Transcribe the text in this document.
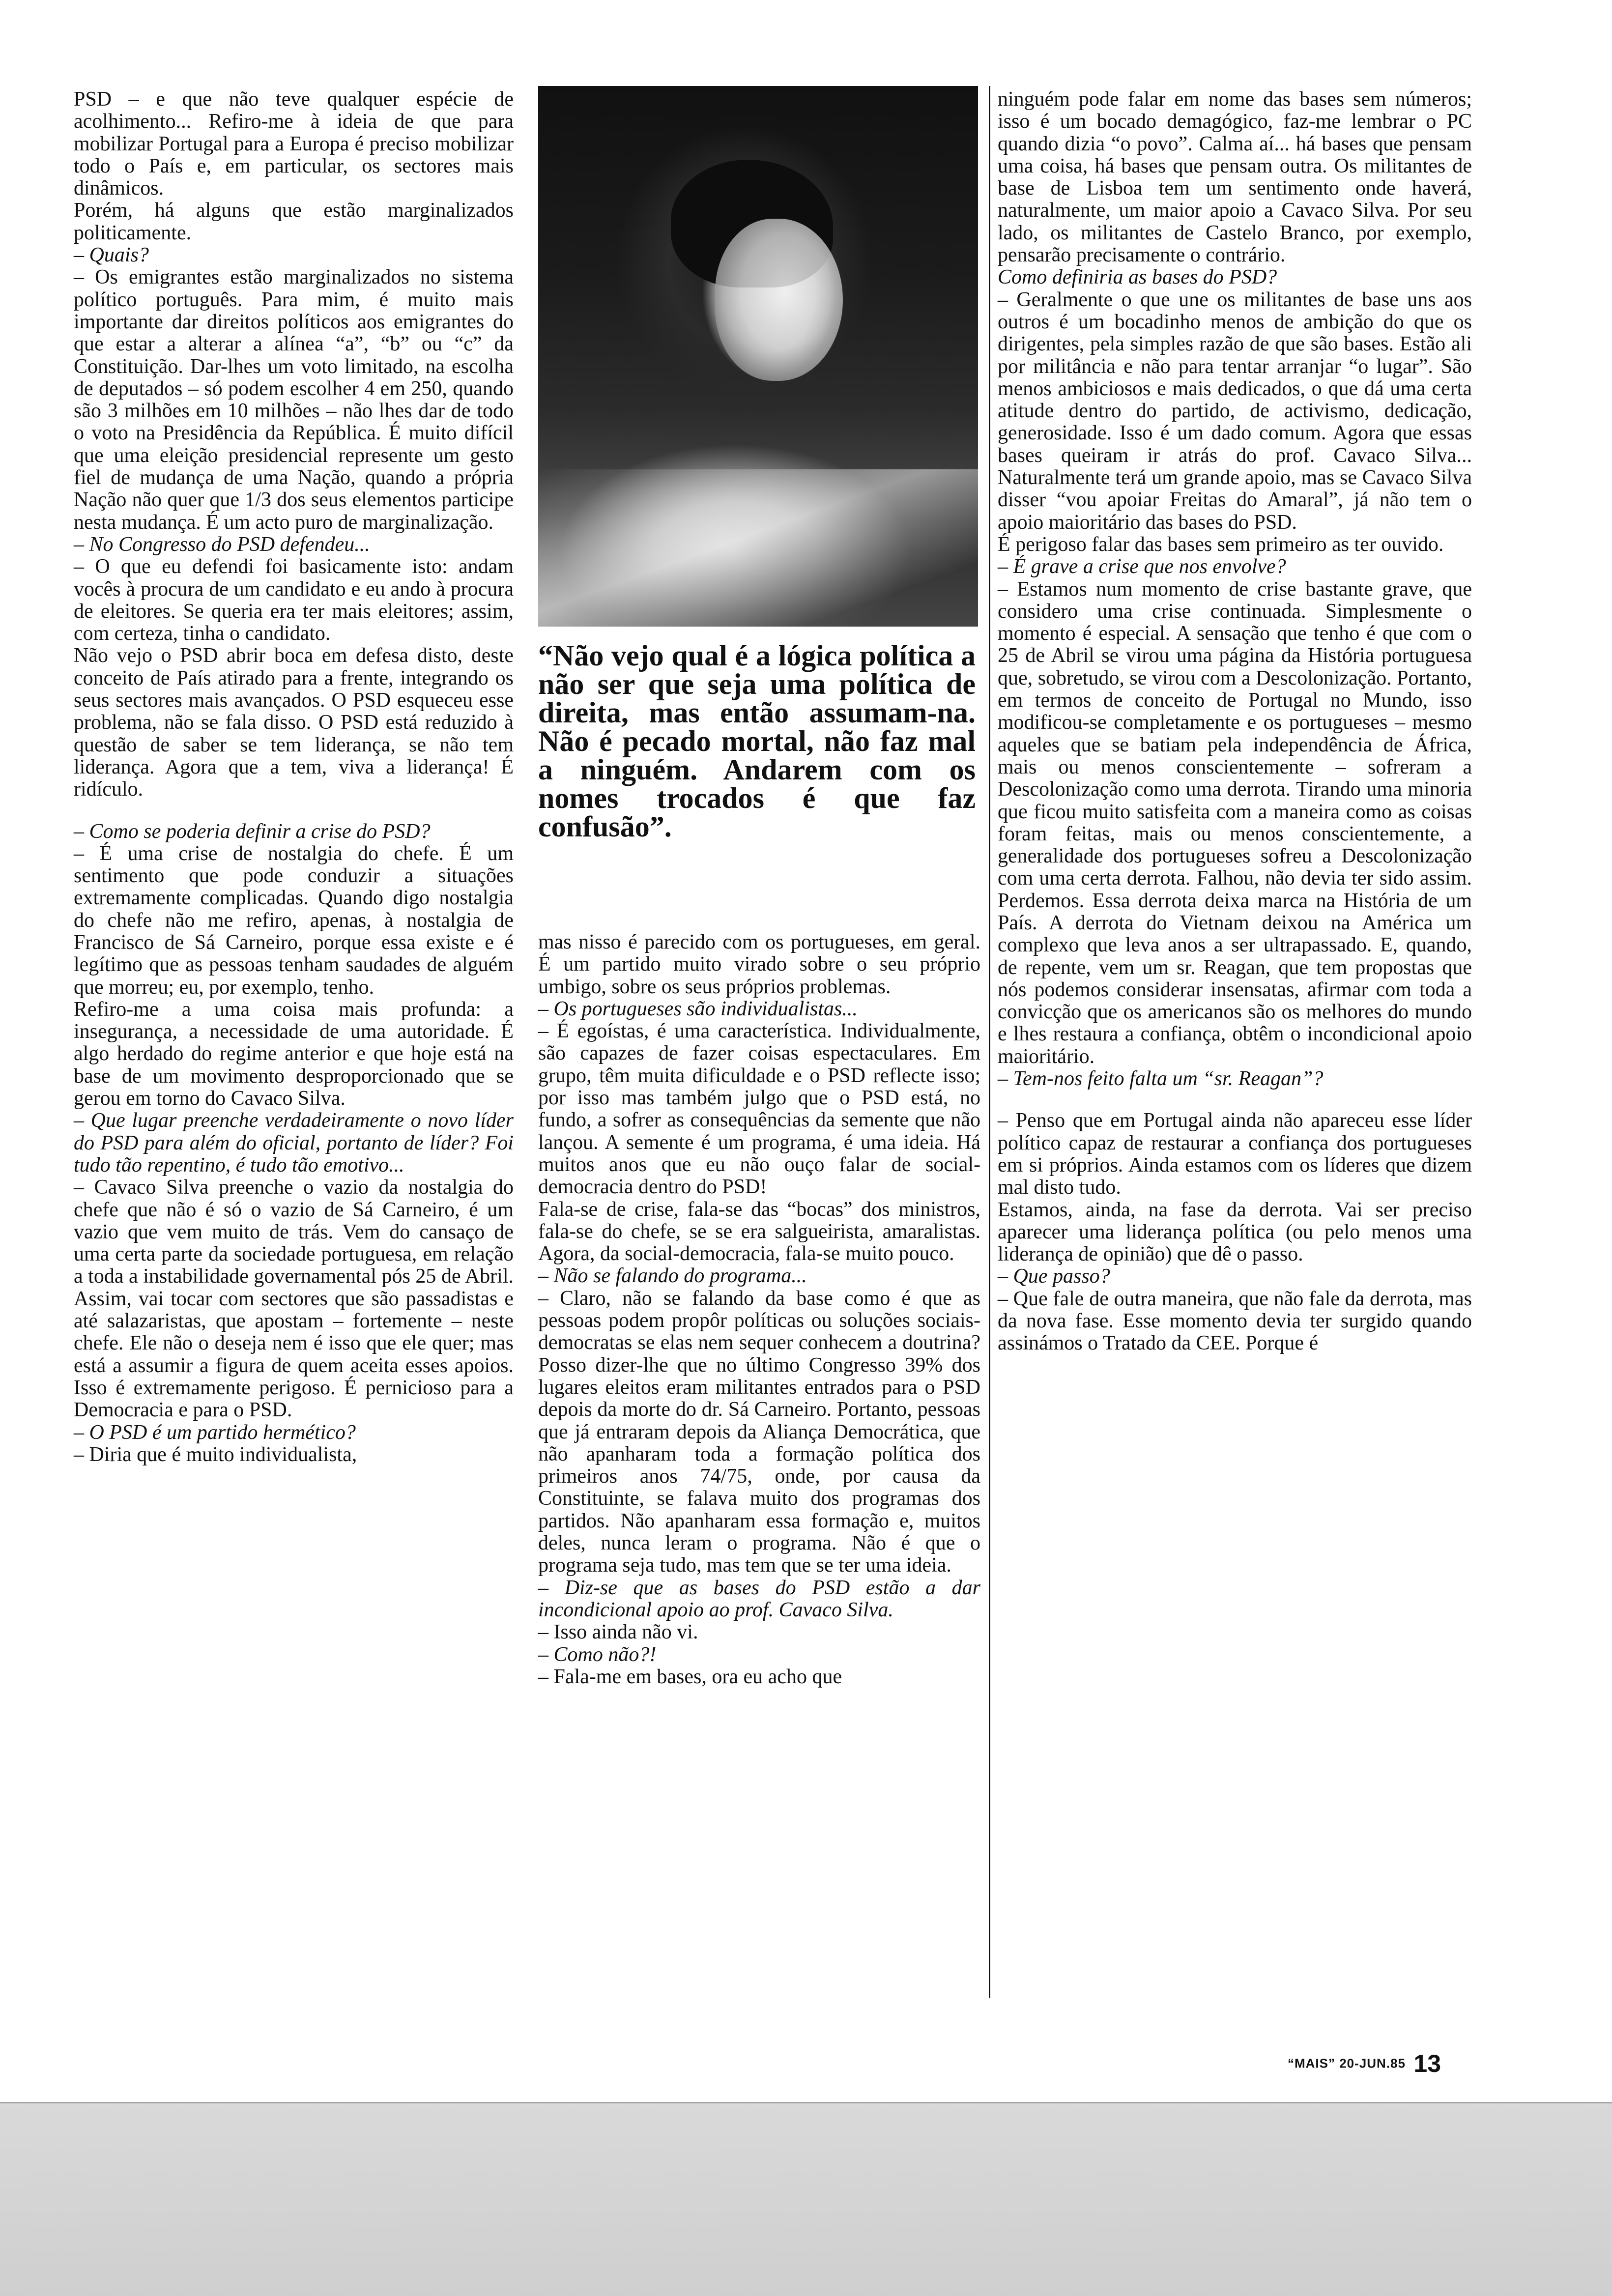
PSD – e que não teve qualquer espécie de acolhimento... Refiro-me à ideia de que para mobilizar Portugal para a Europa é preciso mobilizar todo o País e, em particular, os sectores mais dinâmicos.

Porém, há alguns que estão marginalizados politicamente.

– Quais?

– Os emigrantes estão marginalizados no sistema político português. Para mim, é muito mais importante dar direitos políticos aos emigrantes do que estar a alterar a alínea “a”, “b” ou “c” da Constituição. Dar-lhes um voto limitado, na escolha de deputados – só podem escolher 4 em 250, quando são 3 milhões em 10 milhões – não lhes dar de todo o voto na Presidência da República. É muito difícil que uma eleição presidencial represente um gesto fiel de mudança de uma Nação, quando a própria Nação não quer que 1/3 dos seus elementos participe nesta mudança. É um acto puro de marginalização.

– No Congresso do PSD defendeu...

– O que eu defendi foi basicamente isto: andam vocês à procura de um candidato e eu ando à procura de eleitores. Se queria era ter mais eleitores; assim, com certeza, tinha o candidato.

Não vejo o PSD abrir boca em defesa disto, deste conceito de País atirado para a frente, integrando os seus sectores mais avançados. O PSD esqueceu esse problema, não se fala disso. O PSD está reduzido à questão de saber se tem liderança, se não tem liderança. Agora que a tem, viva a liderança! É ridículo.

– Como se poderia definir a crise do PSD?

– É uma crise de nostalgia do chefe. É um sentimento que pode conduzir a situações extremamente complicadas. Quando digo nostalgia do chefe não me refiro, apenas, à nostalgia de Francisco de Sá Carneiro, porque essa existe e é legítimo que as pessoas tenham saudades de alguém que morreu; eu, por exemplo, tenho.

Refiro-me a uma coisa mais profunda: a insegurança, a necessidade de uma autoridade. É algo herdado do regime anterior e que hoje está na base de um movimento desproporcionado que se gerou em torno do Cavaco Silva.

– Que lugar preenche verdadeiramente o novo líder do PSD para além do oficial, portanto de líder? Foi tudo tão repentino, é tudo tão emotivo...

– Cavaco Silva preenche o vazio da nostalgia do chefe que não é só o vazio de Sá Carneiro, é um vazio que vem muito de trás. Vem do cansaço de uma certa parte da sociedade portuguesa, em relação a toda a instabilidade governamental pós 25 de Abril. Assim, vai tocar com sectores que são passadistas e até salazaristas, que apostam – fortemente – neste chefe. Ele não o deseja nem é isso que ele quer; mas está a assumir a figura de quem aceita esses apoios. Isso é extremamente perigoso. É pernicioso para a Democracia e para o PSD.

– O PSD é um partido hermético?

– Diria que é muito individualista,

“Não vejo qual é a lógica política a não ser que seja uma política de direita, mas então assumam-na. Não é pecado mortal, não faz mal a ninguém. Andarem com os nomes trocados é que faz confusão”.

mas nisso é parecido com os portugueses, em geral. É um partido muito virado sobre o seu próprio umbigo, sobre os seus próprios problemas.

– Os portugueses são individualistas...

– É egoístas, é uma característica. Individualmente, são capazes de fazer coisas espectaculares. Em grupo, têm muita dificuldade e o PSD reflecte isso; por isso mas também julgo que o PSD está, no fundo, a sofrer as consequências da semente que não lançou. A semente é um programa, é uma ideia. Há muitos anos que eu não ouço falar de social-democracia dentro do PSD!

Fala-se de crise, fala-se das “bocas” dos ministros, fala-se do chefe, se se era salgueirista, amaralistas. Agora, da social-democracia, fala-se muito pouco.

– Não se falando do programa...

– Claro, não se falando da base como é que as pessoas podem propôr políticas ou soluções sociais-democratas se elas nem sequer conhecem a doutrina? Posso dizer-lhe que no último Congresso 39% dos lugares eleitos eram militantes entrados para o PSD depois da morte do dr. Sá Carneiro. Portanto, pessoas que já entraram depois da Aliança Democrática, que não apanharam toda a formação política dos primeiros anos 74/75, onde, por causa da Constituinte, se falava muito dos programas dos partidos. Não apanharam essa formação e, muitos deles, nunca leram o programa. Não é que o programa seja tudo, mas tem que se ter uma ideia.

– Diz-se que as bases do PSD estão a dar incondicional apoio ao prof. Cavaco Silva.

– Isso ainda não vi.

– Como não?!

– Fala-me em bases, ora eu acho que

ninguém pode falar em nome das bases sem números; isso é um bocado demagógico, faz-me lembrar o PC quando dizia “o povo”. Calma aí... há bases que pensam uma coisa, há bases que pensam outra. Os militantes de base de Lisboa tem um sentimento onde haverá, naturalmente, um maior apoio a Cavaco Silva. Por seu lado, os militantes de Castelo Branco, por exemplo, pensarão precisamente o contrário.

Como definiria as bases do PSD?

– Geralmente o que une os militantes de base uns aos outros é um bocadinho menos de ambição do que os dirigentes, pela simples razão de que são bases. Estão ali por militância e não para tentar arranjar “o lugar”. São menos ambiciosos e mais dedicados, o que dá uma certa atitude dentro do partido, de activismo, dedicação, generosidade. Isso é um dado comum. Agora que essas bases queiram ir atrás do prof. Cavaco Silva... Naturalmente terá um grande apoio, mas se Cavaco Silva disser “vou apoiar Freitas do Amaral”, já não tem o apoio maioritário das bases do PSD.

É perigoso falar das bases sem primeiro as ter ouvido.

– É grave a crise que nos envolve?

– Estamos num momento de crise bastante grave, que considero uma crise continuada. Simplesmente o momento é especial. A sensação que tenho é que com o 25 de Abril se virou uma página da História portuguesa que, sobretudo, se virou com a Descolonização. Portanto, em termos de conceito de Portugal no Mundo, isso modificou-se completamente e os portugueses – mesmo aqueles que se batiam pela independência de África, mais ou menos conscientemente – sofreram a Descolonização como uma derrota. Tirando uma minoria que ficou muito satisfeita com a maneira como as coisas foram feitas, mais ou menos conscientemente, a generalidade dos portugueses sofreu a Descolonização com uma certa derrota. Falhou, não devia ter sido assim. Perdemos. Essa derrota deixa marca na História de um País. A derrota do Vietnam deixou na América um complexo que leva anos a ser ultrapassado. E, quando, de repente, vem um sr. Reagan, que tem propostas que nós podemos considerar insensatas, afirmar com toda a convicção que os americanos são os melhores do mundo e lhes restaura a confiança, obtêm o incondicional apoio maioritário.

– Tem-nos feito falta um “sr. Reagan”?

– Penso que em Portugal ainda não apareceu esse líder político capaz de restaurar a confiança dos portugueses em si próprios. Ainda estamos com os líderes que dizem mal disto tudo.

Estamos, ainda, na fase da derrota. Vai ser preciso aparecer uma liderança política (ou pelo menos uma liderança de opinião) que dê o passo.

– Que passo?

– Que fale de outra maneira, que não fale da derrota, mas da nova fase. Esse momento devia ter surgido quando assinámos o Tratado da CEE. Porque é

“MAIS” 20-JUN.85 13
